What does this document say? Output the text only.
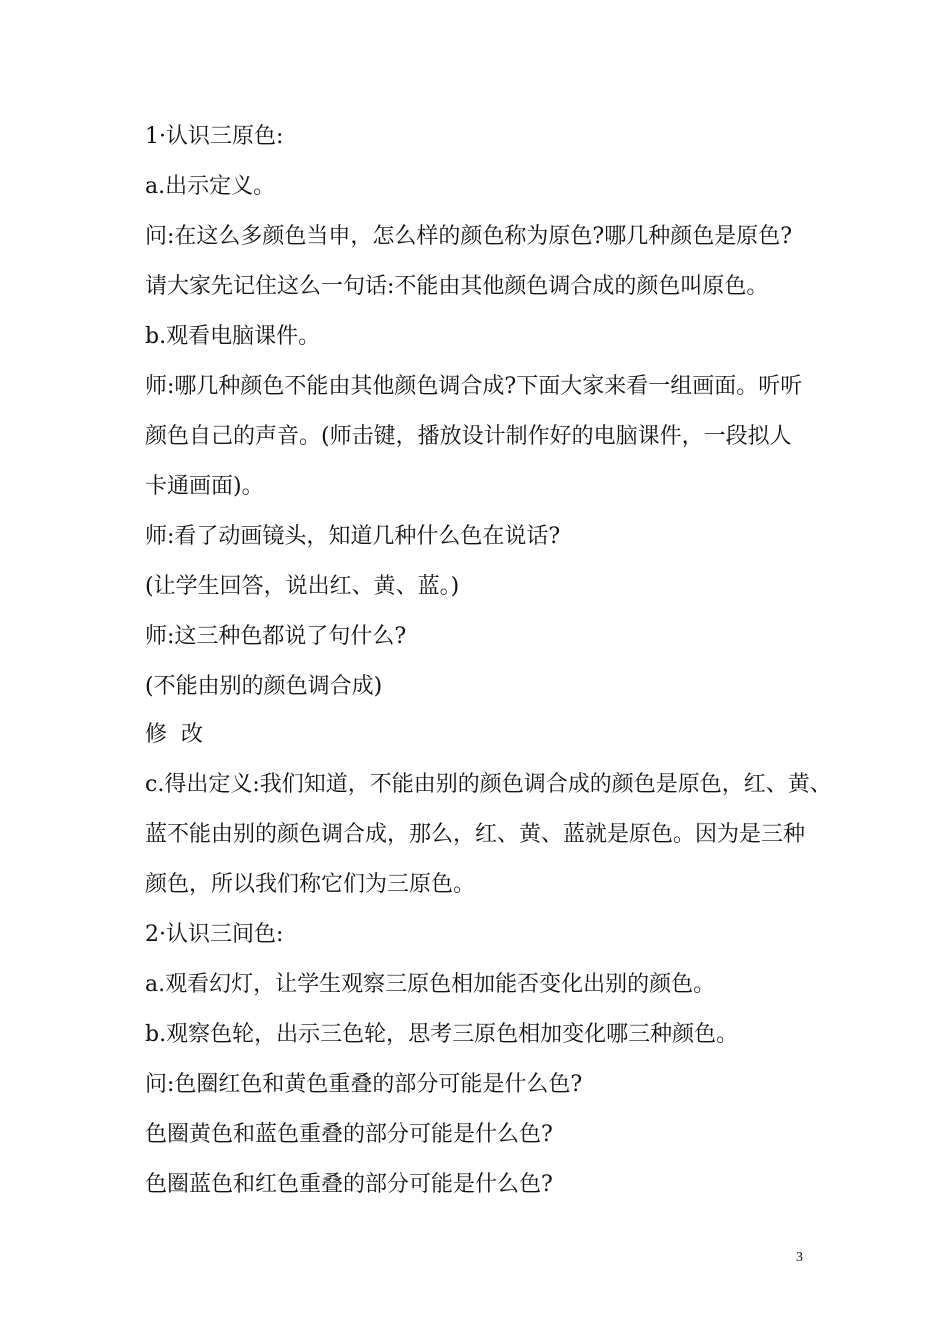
1·认识三原色:
a.出示定义。
问:在这么多颜色当申，怎么样的颜色称为原色?哪几种颜色是原色?
请大家先记住这么一句话:不能由其他颜色调合成的颜色叫原色。
b.观看电脑课件。
师:哪几种颜色不能由其他颜色调合成?下面大家来看一组画面。听听
颜色自己的声音。(师击键，播放设计制作好的电脑课件，一段拟人
卡通画面)。
师:看了动画镜头，知道几种什么色在说话?
(让学生回答，说出红、黄、蓝。)
师:这三种色都说了句什么?
(不能由别的颜色调合成)
修  改
c.得出定义:我们知道，不能由别的颜色调合成的颜色是原色，红、黄、
蓝不能由别的颜色调合成，那么，红、黄、蓝就是原色。因为是三种
颜色，所以我们称它们为三原色。
2·认识三间色:
a.观看幻灯，让学生观察三原色相加能否变化出别的颜色。
b.观察色轮，出示三色轮，思考三原色相加变化哪三种颜色。
问:色圈红色和黄色重叠的部分可能是什么色?
色圈黄色和蓝色重叠的部分可能是什么色?
色圈蓝色和红色重叠的部分可能是什么色?
3
